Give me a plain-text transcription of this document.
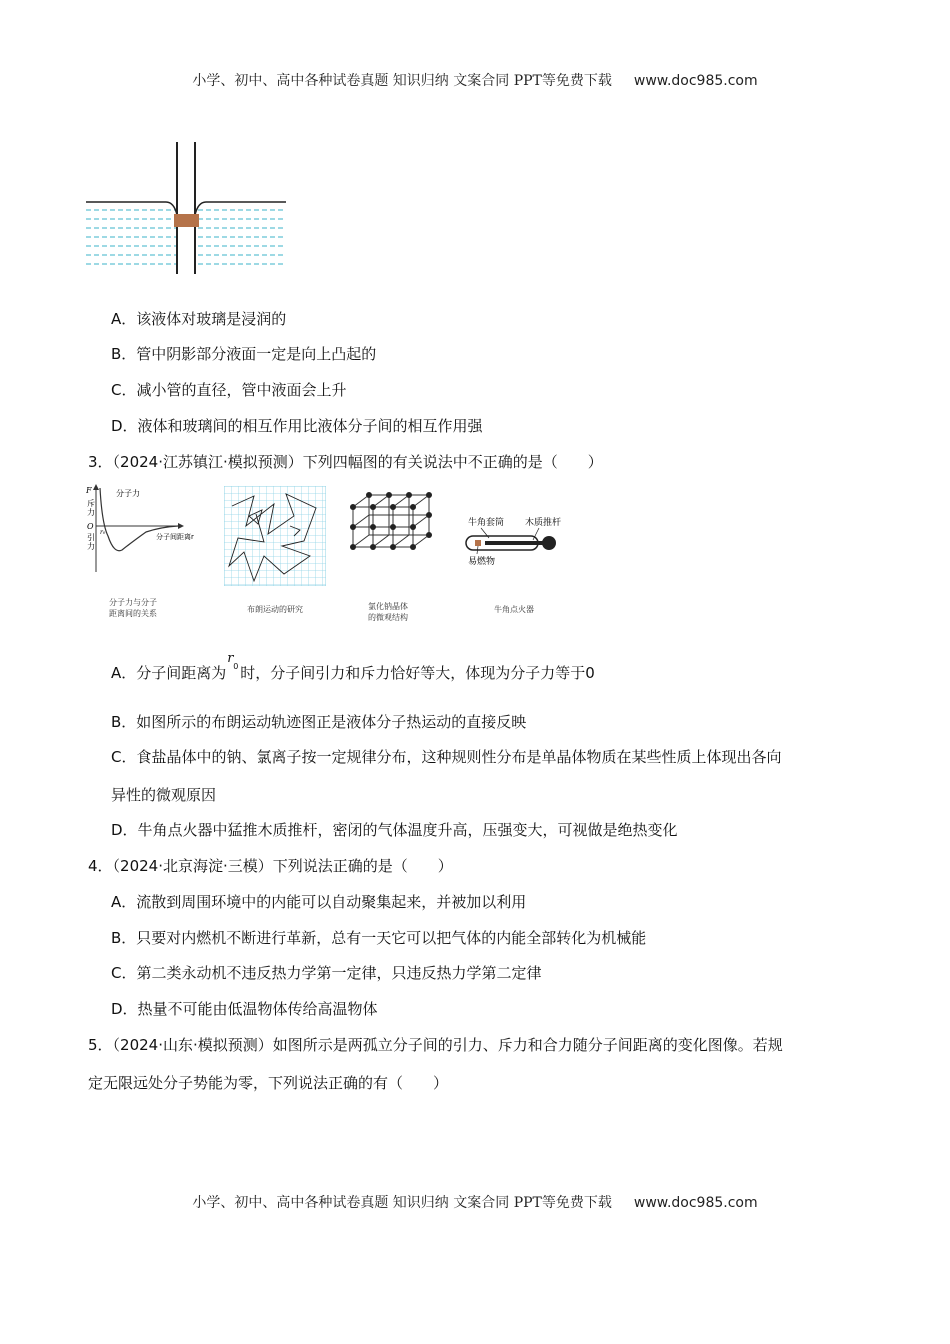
小学、初中、高中各种试卷真题 知识归纳 文案合同 PPT等免费下载 www.doc985.com
A．该液体对玻璃是浸润的
B．管中阴影部分液面一定是向上凸起的
C．减小管的直径，管中液面会上升
D．液体和玻璃间的相互作用比液体分子间的相互作用强
3．（2024·江苏镇江·模拟预测）下列四幅图的有关说法中不正确的是（　　）
F
斥
力
O
引
力
r₀
分子力
分子间距离r
分子力与分子
距离间的关系	布朗运动的研究	氯化钠晶体
的微观结构
牛角套筒 木质推杆
易燃物
牛角点火器
A．分子间距离为
r
0 时，分子间引力和斥力恰好等大，体现为分子力等于0
B．如图所示的布朗运动轨迹图正是液体分子热运动的直接反映
C．食盐晶体中的钠、氯离子按一定规律分布，这种规则性分布是单晶体物质在某些性质上体现出各向
异性的微观原因
D．牛角点火器中猛推木质推杆，密闭的气体温度升高，压强变大，可视做是绝热变化
4．（2024·北京海淀·三模）下列说法正确的是（　　）
A．流散到周围环境中的内能可以自动聚集起来，并被加以利用
B．只要对内燃机不断进行革新，总有一天它可以把气体的内能全部转化为机械能
C．第二类永动机不违反热力学第一定律，只违反热力学第二定律
D．热量不可能由低温物体传给高温物体
5．（2024·山东·模拟预测）如图所示是两孤立分子间的引力、斥力和合力随分子间距离的变化图像。若规
定无限远处分子势能为零，下列说法正确的有（　　）
小学、初中、高中各种试卷真题 知识归纳 文案合同 PPT等免费下载 www.doc985.com
